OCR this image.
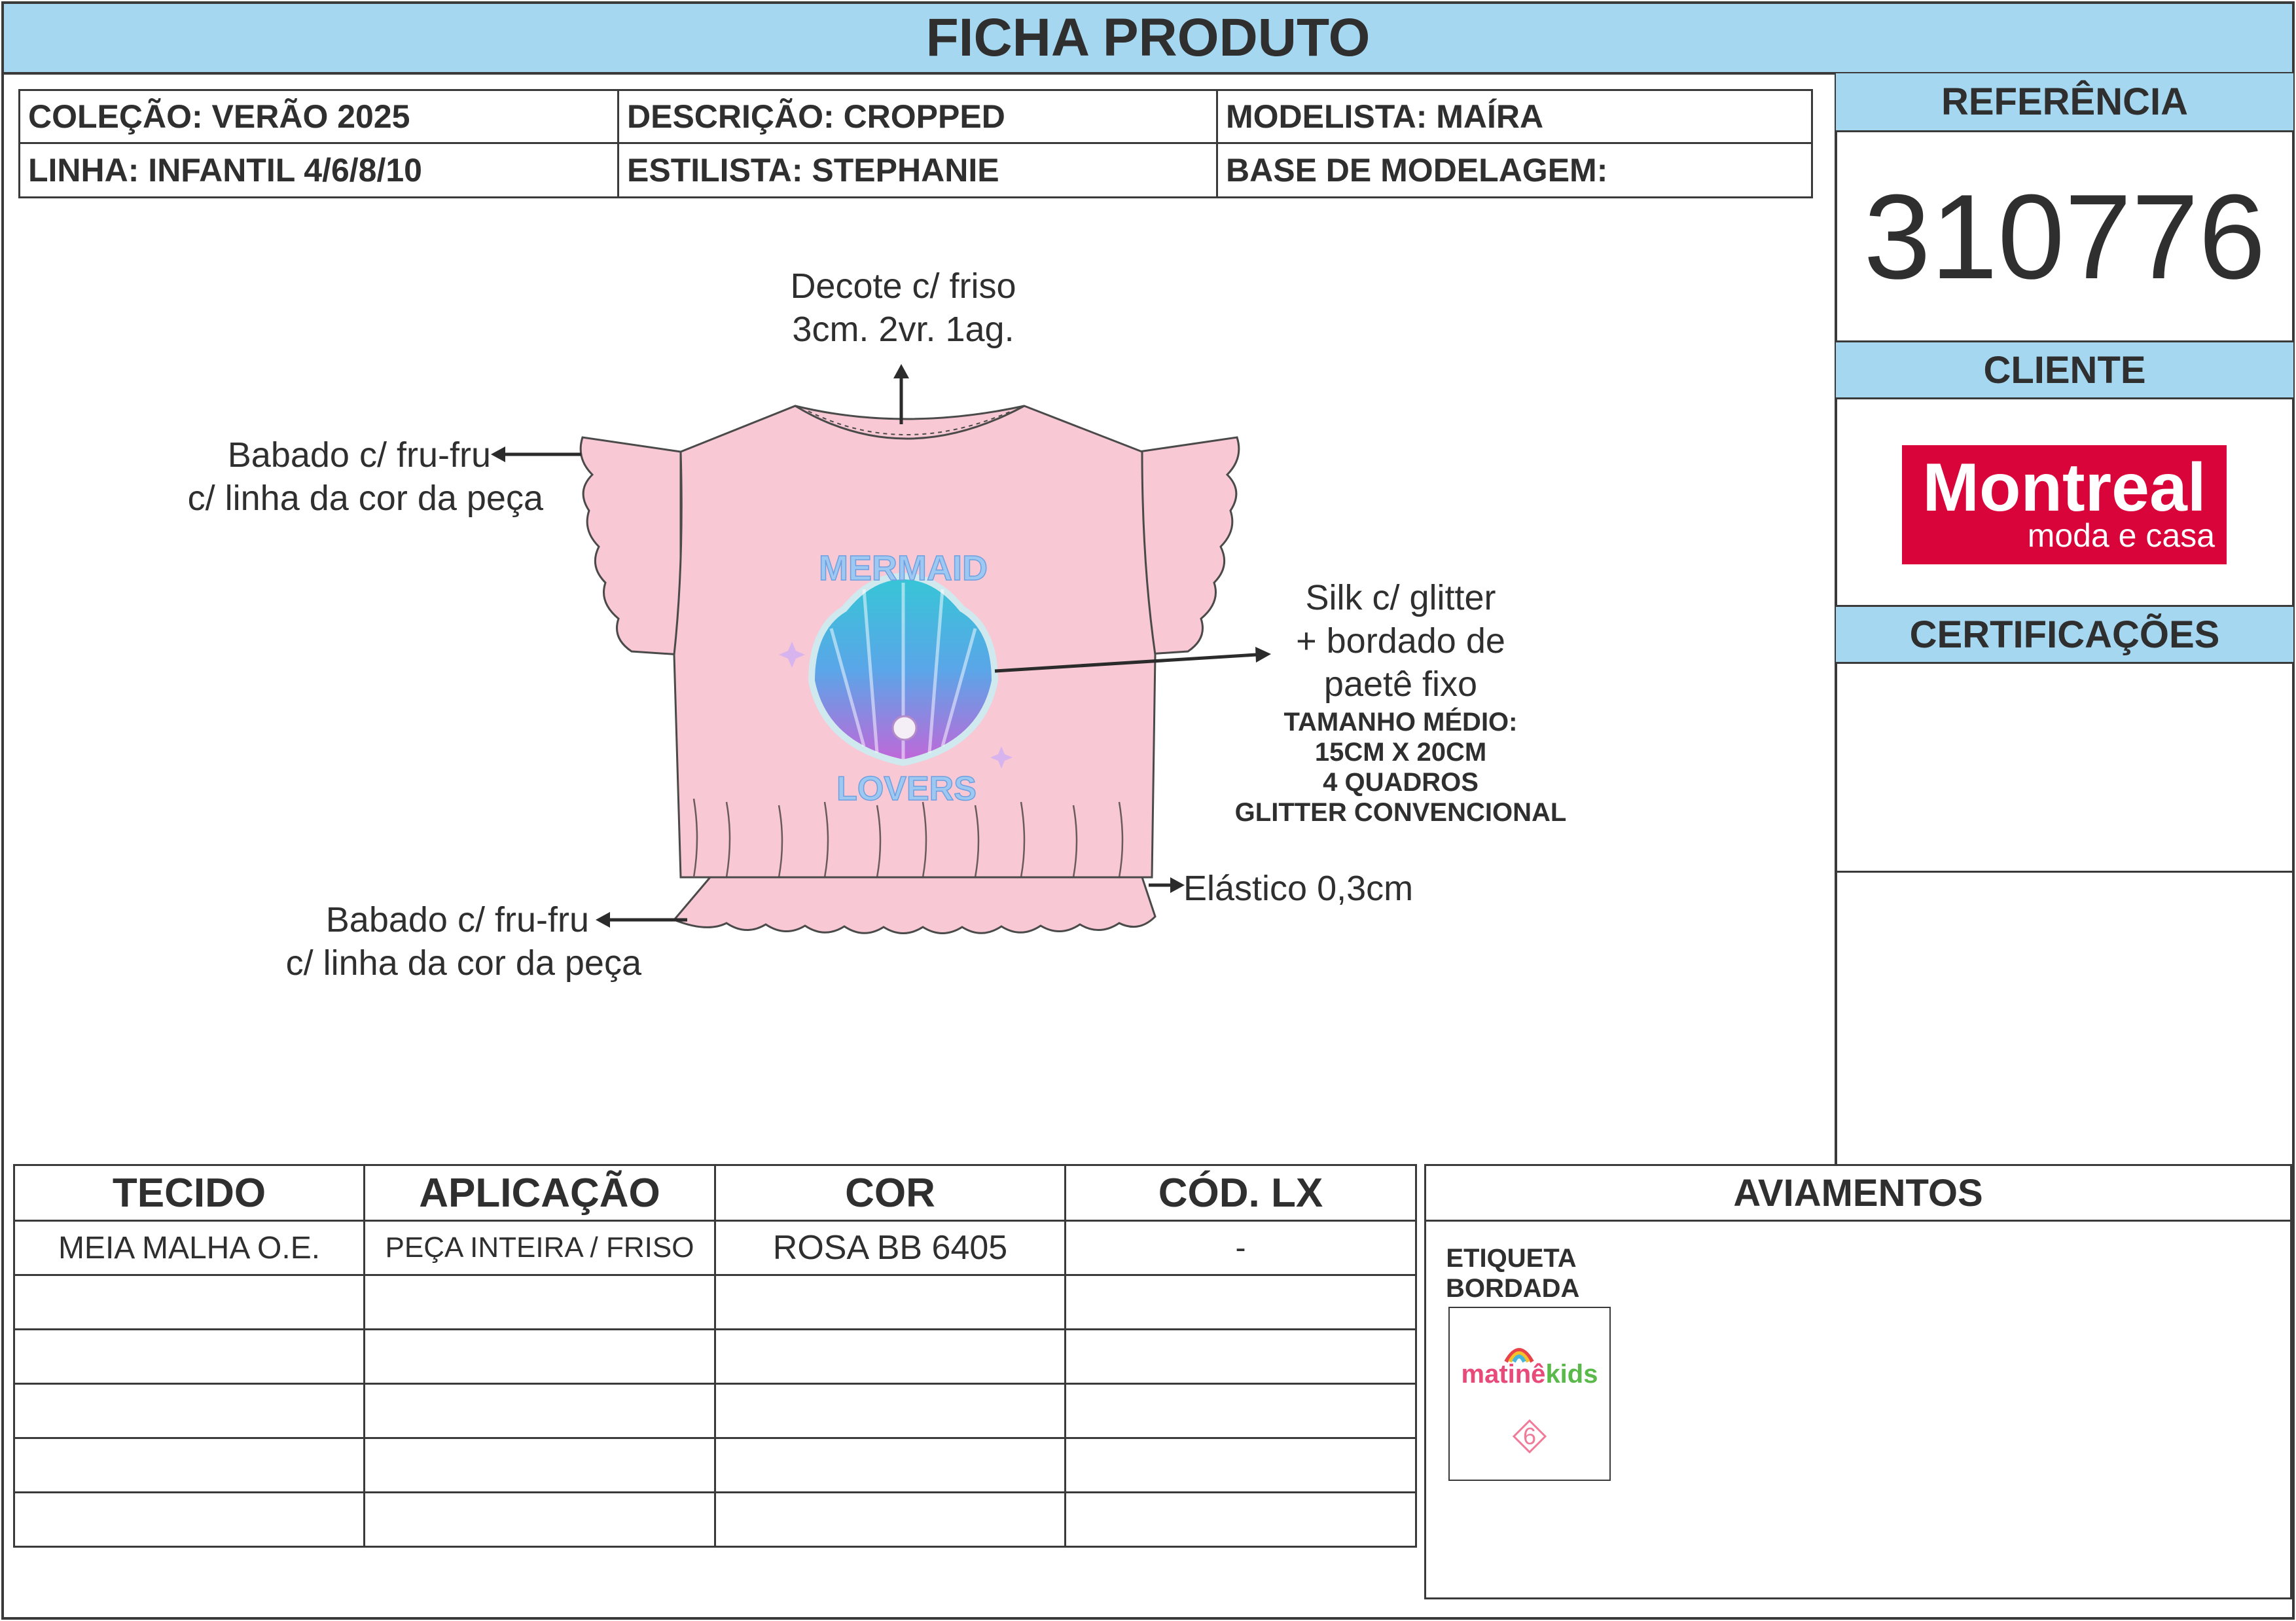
FICHA PRODUTO
COLEÇÃO: VERÃO 2025	DESCRIÇÃO: CROPPED	MODELISTA: MAÍRA
LINHA: INFANTIL 4/6/8/10	ESTILISTA: STEPHANIE	BASE DE MODELAGEM:
REFERÊNCIA
310776
CLIENTE
Montreal
moda e casa
CERTIFICAÇÕES
MERMAID
LOVERS
Decote c/ friso
3cm. 2vr. 1ag.
Babado c/ fru-fru
c/ linha da cor da peça
Silk c/ glitter
+ bordado de
paetê fixo
TAMANHO MÉDIO:
15CM X 20CM
4 QUADROS
GLITTER CONVENCIONAL
Elástico 0,3cm
Babado c/ fru-fru
c/ linha da cor da peça
TECIDO	APLICAÇÃO	COR	CÓD. LX
MEIA MALHA O.E.	PEÇA INTEIRA / FRISO	ROSA BB 6405	-

AVIAMENTOS
ETIQUETA
BORDADA
matinêkids
6
